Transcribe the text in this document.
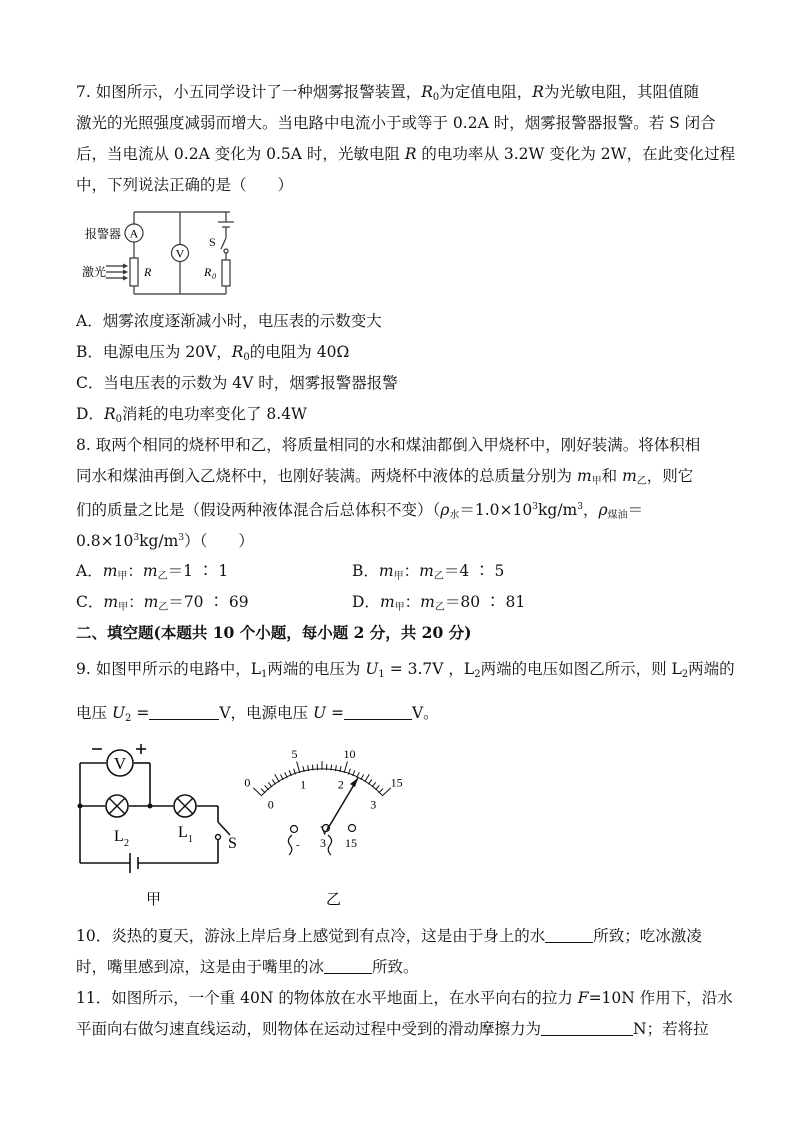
7. 如图所示，小五同学设计了一种烟雾报警装置，$R_0$为定值电阻，R为光敏电阻，其阻值随
激光的光照强度减弱而增大。当电路中电流小于或等于 0.2A 时，烟雾报警器报警。若 S 闭合
后，当电流从 0.2A 变化为 0.5A 时，光敏电阻 R 的电功率从 3.2W 变化为 2W，在此变化过程
中，下列说法正确的是（　　）
A
V
报警器
激光	R
S
R 0
A．烟雾浓度逐渐减小时，电压表的示数变大
B．电源电压为 20V，$R_0$的电阻为 40Ω
C．当电压表的示数为 4V 时，烟雾报警器报警
D．$R_0$消耗的电功率变化了 8.4W
8. 取两个相同的烧杯甲和乙，将质量相同的水和煤油都倒入甲烧杯中，刚好装满。将体积相
同水和煤油再倒入乙烧杯中，也刚好装满。两烧杯中液体的总质量分别为 $m_甲$和 $m_乙$，则它
们的质量之比是（假设两种液体混合后总体积不变）（$\rho_水=1.0\times 10^3kg/m^3$，$\rho_{煤油}=$
$0.8\times 10^3kg/m^3$）（　　）
A．$m_甲$：$m_乙=1$ ∶ 1	B．$m_甲$：$m_乙=4$ ∶ 5
C．$m_甲$：$m_乙=70$ ∶ 69	D．$m_甲$：$m_乙=80$ ∶ 81
二、填空题(本题共 10 个小题，每小题 2 分，共 20 分)
9. 如图甲所示的电路中，$L_1$两端的电压为 $U_1 = 3.7V$ ，$L_2$两端的电压如图乙所示，则 $L_2$两端的
电压 $U_2$ =	V，电源电压 U =	V。
V
L 2
L 1 S
甲
0
0
5
1
10
2	15
3
V
- 3 15
乙
10．炎热的夏天，游泳上岸后身上感觉到有点冷，这是由于身上的水	所致；吃冰激凌
时，嘴里感到凉，这是由于嘴里的冰	所致。
11．如图所示，一个重 40N 的物体放在水平地面上，在水平向右的拉力 F=10N 作用下，沿水
平面向右做匀速直线运动，则物体在运动过程中受到的滑动摩擦力为	N；若将拉
